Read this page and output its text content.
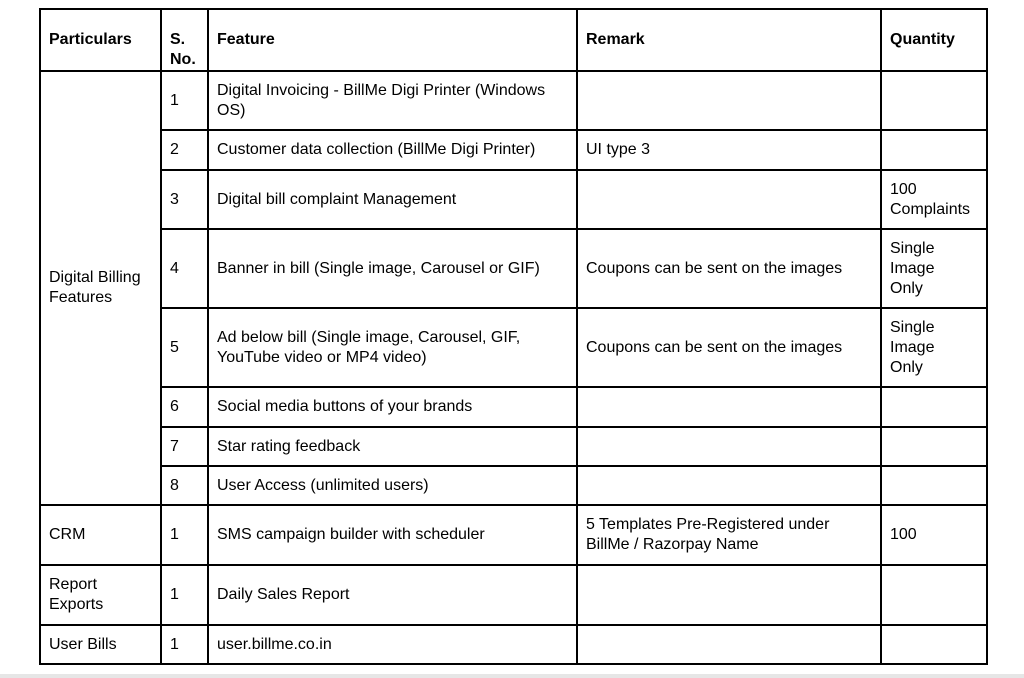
Particulars	S. No.	Feature	Remark	Quantity
Digital Billing Features	1	Digital Invoicing - BillMe Digi Printer (Windows OS)		
	2	Customer data collection (BillMe Digi Printer)	UI type 3	
	3	Digital bill complaint Management		100 Complaints
	4	Banner in bill (Single image, Carousel or GIF)	Coupons can be sent on the images	Single Image Only
	5	Ad below bill (Single image, Carousel, GIF, YouTube video or MP4 video)	Coupons can be sent on the images	Single Image Only
	6	Social media buttons of your brands		
	7	Star rating feedback		
	8	User Access (unlimited users)		
CRM	1	SMS campaign builder with scheduler	5 Templates Pre-Registered under BillMe / Razorpay Name	100
Report Exports	1	Daily Sales Report		
User Bills	1	user.billme.co.in		
